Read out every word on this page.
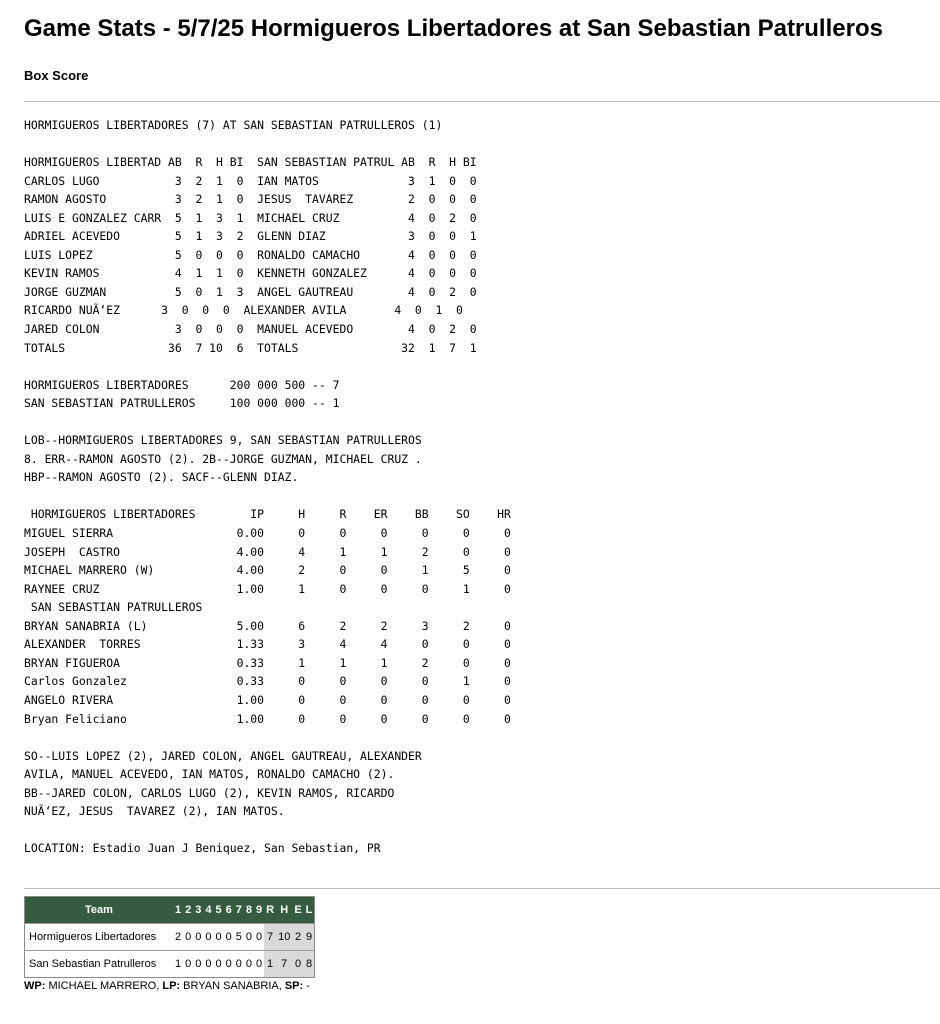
Game Stats - 5/7/25 Hormigueros Libertadores at San Sebastian Patrulleros
Box Score
HORMIGUEROS LIBERTADORES (7) AT SAN SEBASTIAN PATRULLEROS (1)

HORMIGUEROS LIBERTAD AB  R  H BI  SAN SEBASTIAN PATRUL AB  R  H BI
CARLOS LUGO           3  2  1  0  IAN MATOS             3  1  0  0
RAMON AGOSTO          3  2  1  0  JESUS  TAVAREZ        2  0  0  0
LUIS E GONZALEZ CARR  5  1  3  1  MICHAEL CRUZ          4  0  2  0
ADRIEL ACEVEDO        5  1  3  2  GLENN DIAZ            3  0  0  1
LUIS LOPEZ            5  0  0  0  RONALDO CAMACHO       4  0  0  0
KEVIN RAMOS           4  1  1  0  KENNETH GONZALEZ      4  0  0  0
JORGE GUZMAN          5  0  1  3  ANGEL GAUTREAU        4  0  2  0
RICARDO NUÃ‘EZ      3  0  0  0  ALEXANDER AVILA       4  0  1  0
JARED COLON           3  0  0  0  MANUEL ACEVEDO        4  0  2  0
TOTALS               36  7 10  6  TOTALS               32  1  7  1

HORMIGUEROS LIBERTADORES      200 000 500 -- 7
SAN SEBASTIAN PATRULLEROS     100 000 000 -- 1

LOB--HORMIGUEROS LIBERTADORES 9, SAN SEBASTIAN PATRULLEROS
8. ERR--RAMON AGOSTO (2). 2B--JORGE GUZMAN, MICHAEL CRUZ .
HBP--RAMON AGOSTO (2). SACF--GLENN DIAZ.

HORMIGUEROS LIBERTADORES        IP     H     R    ER    BB    SO    HR
MIGUEL SIERRA                  0.00     0     0     0     0     0     0
JOSEPH  CASTRO                 4.00     4     1     1     2     0     0
MICHAEL MARRERO (W)            4.00     2     0     0     1     5     0
RAYNEE CRUZ                    1.00     1     0     0     0     1     0
SAN SEBASTIAN PATRULLEROS
BRYAN SANABRIA (L)             5.00     6     2     2     3     2     0
ALEXANDER  TORRES              1.33     3     4     4     0     0     0
BRYAN FIGUEROA                 0.33     1     1     1     2     0     0
Carlos Gonzalez                0.33     0     0     0     0     1     0
ANGELO RIVERA                  1.00     0     0     0     0     0     0
Bryan Feliciano                1.00     0     0     0     0     0     0

SO--LUIS LOPEZ (2), JARED COLON, ANGEL GAUTREAU, ALEXANDER
AVILA, MANUEL ACEVEDO, IAN MATOS, RONALDO CAMACHO (2).
BB--JARED COLON, CARLOS LUGO (2), KEVIN RAMOS, RICARDO
NUÃ‘EZ, JESUS  TAVAREZ (2), IAN MATOS.

LOCATION: Estadio Juan J Beniquez, San Sebastian, PR

Team	1	2	3	4	5	6	7	8	9	R	H	E	L
Hormigueros Libertadores	2	0	0	0	0	0	5	0	0	7	10	2	9
San Sebastian Patrulleros	1	0	0	0	0	0	0	0	0	1	7	0	8

WP: MICHAEL MARRERO, LP: BRYAN SANABRIA, SP: -
